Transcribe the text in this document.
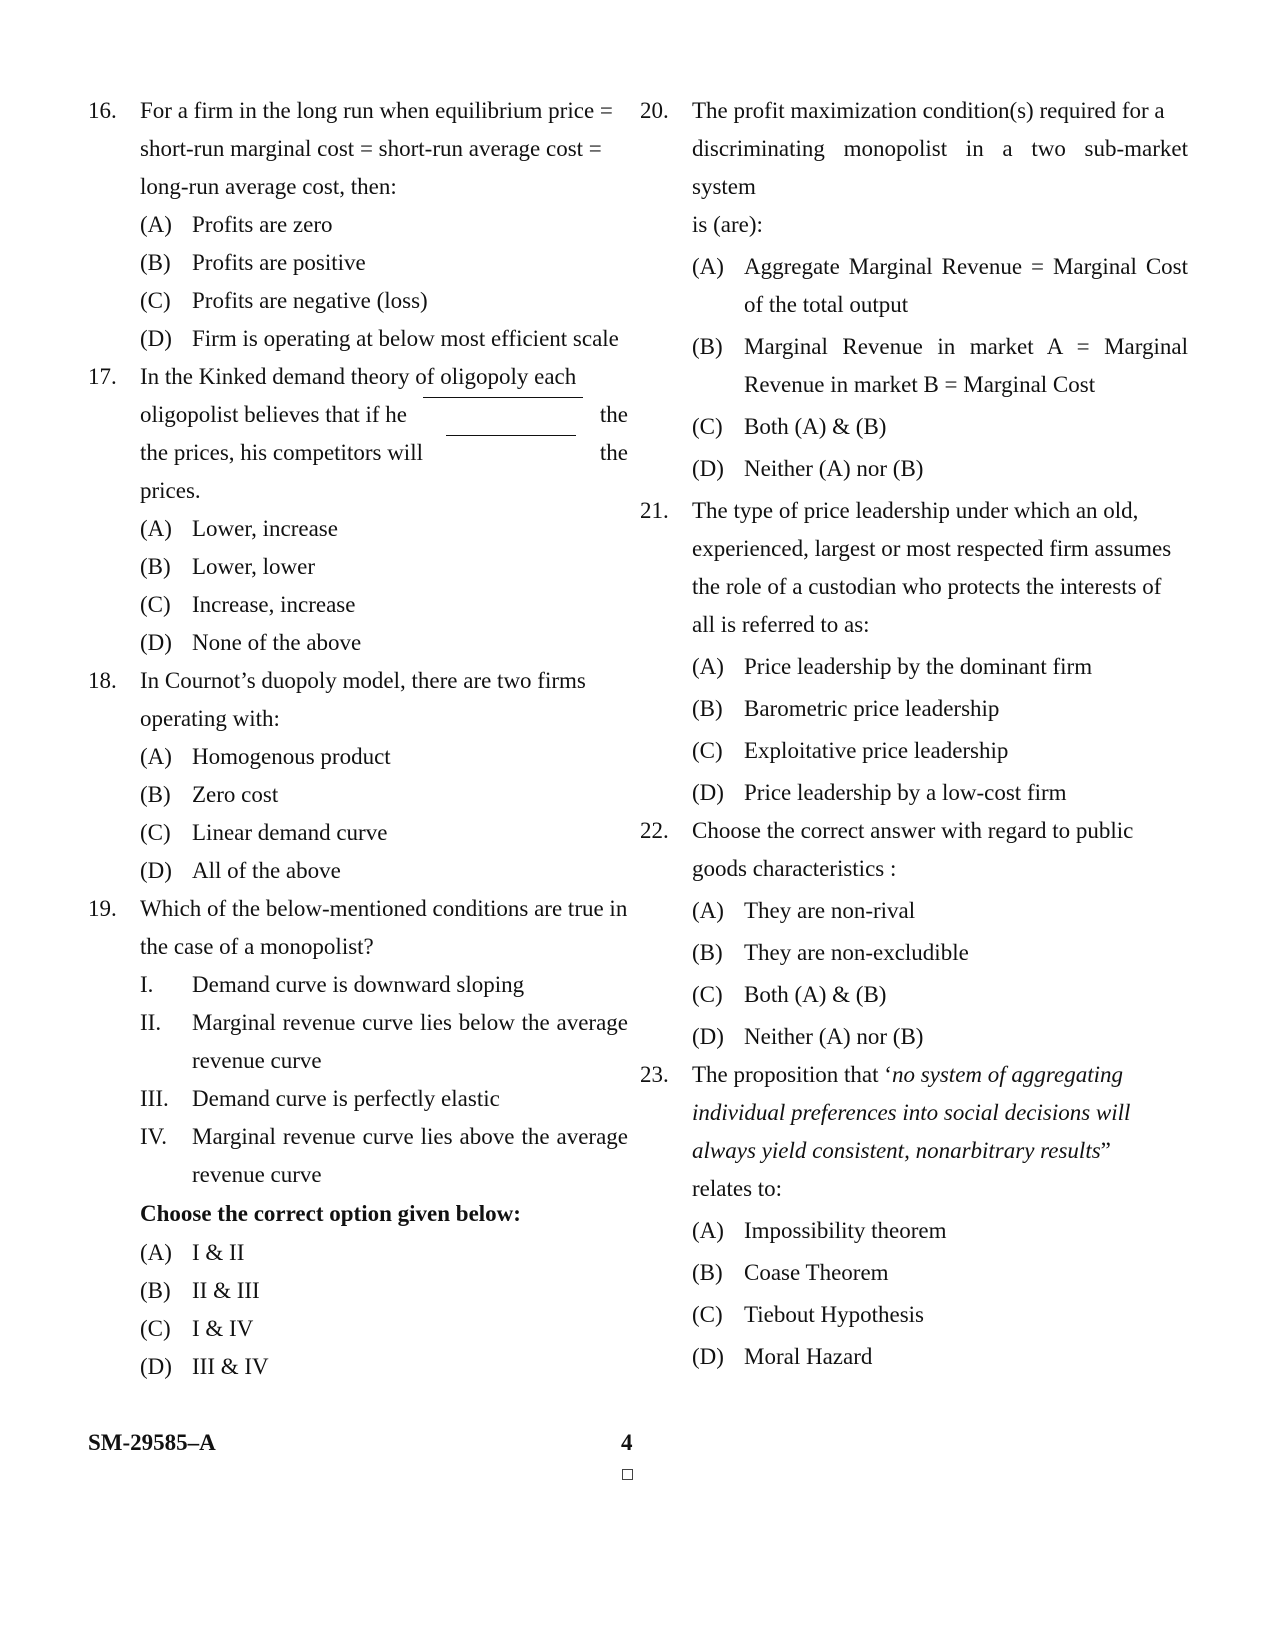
16.	For a firm in the long run when equilibrium price =
short-run marginal cost = short-run average cost =
long-run average cost, then:
(A) Profits are zero
(B) Profits are positive
(C) Profits are negative (loss)
(D) Firm is operating at below most efficient scale
17.	In the Kinked demand theory of oligopoly each
oligopolist believes that if he	the
the prices, his competitors will	the
prices.
(A) Lower, increase
(B) Lower, lower
(C) Increase, increase
(D) None of the above
18.	In Cournot’s duopoly model, there are two firms
operating with:
(A) Homogenous product
(B) Zero cost
(C) Linear demand curve
(D) All of the above
19.	Which of the below-mentioned conditions are true in
the case of a monopolist?
I.	Demand curve is downward sloping
II.	Marginal revenue curve lies below the average revenue curve
III.	Demand curve is perfectly elastic
IV.	Marginal revenue curve lies above the average revenue curve
Choose the correct option given below:
(A) I & II
(B) II & III
(C) I & IV
(D) III & IV
20.	The profit maximization condition(s) required for a
discriminating monopolist in a two sub-market system
is (are):
(A) Aggregate Marginal Revenue = Marginal Cost of the total output
(B) Marginal Revenue in market A = Marginal Revenue in market B = Marginal Cost
(C) Both (A) & (B)
(D) Neither (A) nor (B)
21.	The type of price leadership under which an old,
experienced, largest or most respected firm assumes
the role of a custodian who protects the interests of
all is referred to as:
(A) Price leadership by the dominant firm
(B) Barometric price leadership
(C) Exploitative price leadership
(D) Price leadership by a low-cost firm
22.	Choose the correct answer with regard to public
goods characteristics :
(A) They are non-rival
(B) They are non-excludible
(C) Both (A) & (B)
(D) Neither (A) nor (B)
23.	The proposition that ‘no system of aggregating
individual preferences into social decisions will
always yield consistent, nonarbitrary results”
relates to:
(A) Impossibility theorem
(B) Coase Theorem
(C) Tiebout Hypothesis
(D) Moral Hazard
SM-29585–A	4
